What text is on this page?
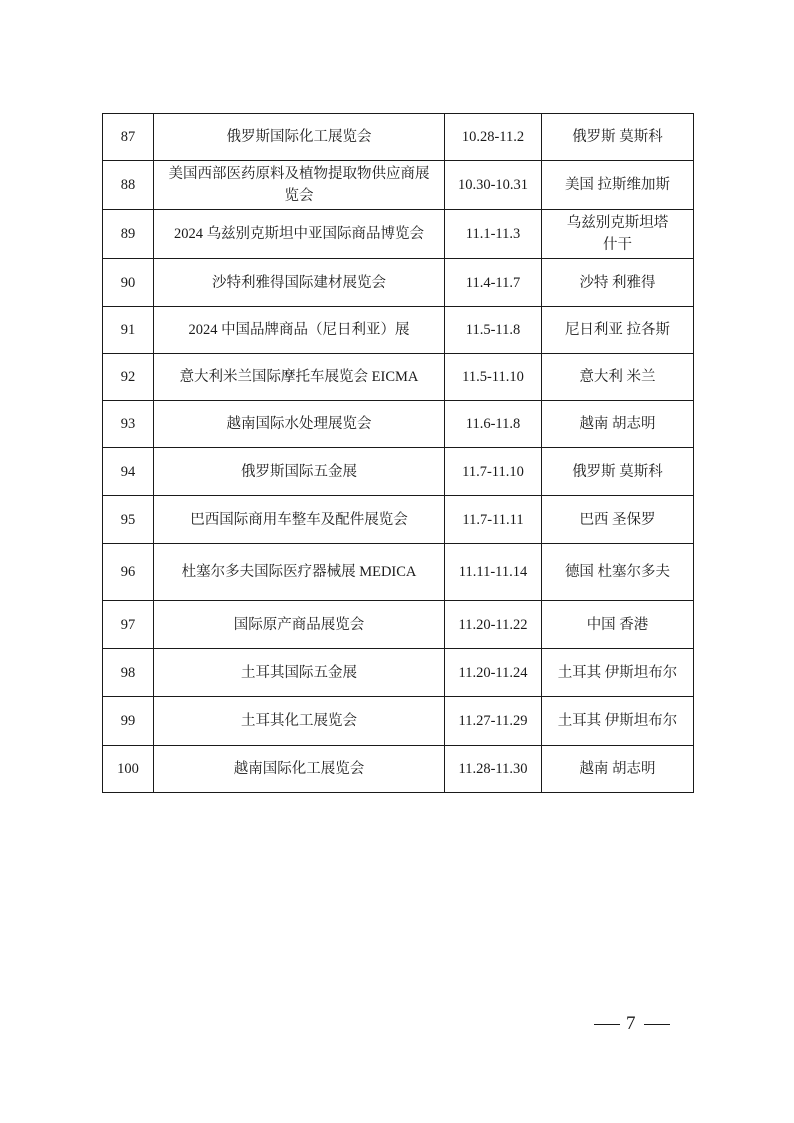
87	俄罗斯国际化工展览会	10.28-11.2	俄罗斯 莫斯科
88	美国西部医药原料及植物提取物供应商展览会	10.30-10.31	美国 拉斯维加斯
89	2024 乌兹别克斯坦中亚国际商品博览会	11.1-11.3	乌兹别克斯坦塔什干
90	沙特利雅得国际建材展览会	11.4-11.7	沙特 利雅得
91	2024 中国品牌商品（尼日利亚）展	11.5-11.8	尼日利亚 拉各斯
92	意大利米兰国际摩托车展览会 EICMA	11.5-11.10	意大利 米兰
93	越南国际水处理展览会	11.6-11.8	越南 胡志明
94	俄罗斯国际五金展	11.7-11.10	俄罗斯 莫斯科
95	巴西国际商用车整车及配件展览会	11.7-11.11	巴西 圣保罗
96	杜塞尔多夫国际医疗器械展 MEDICA	11.11-11.14	德国 杜塞尔多夫
97	国际原产商品展览会	11.20-11.22	中国 香港
98	土耳其国际五金展	11.20-11.24	土耳其 伊斯坦布尔
99	土耳其化工展览会	11.27-11.29	土耳其 伊斯坦布尔
100	越南国际化工展览会	11.28-11.30	越南 胡志明
7
